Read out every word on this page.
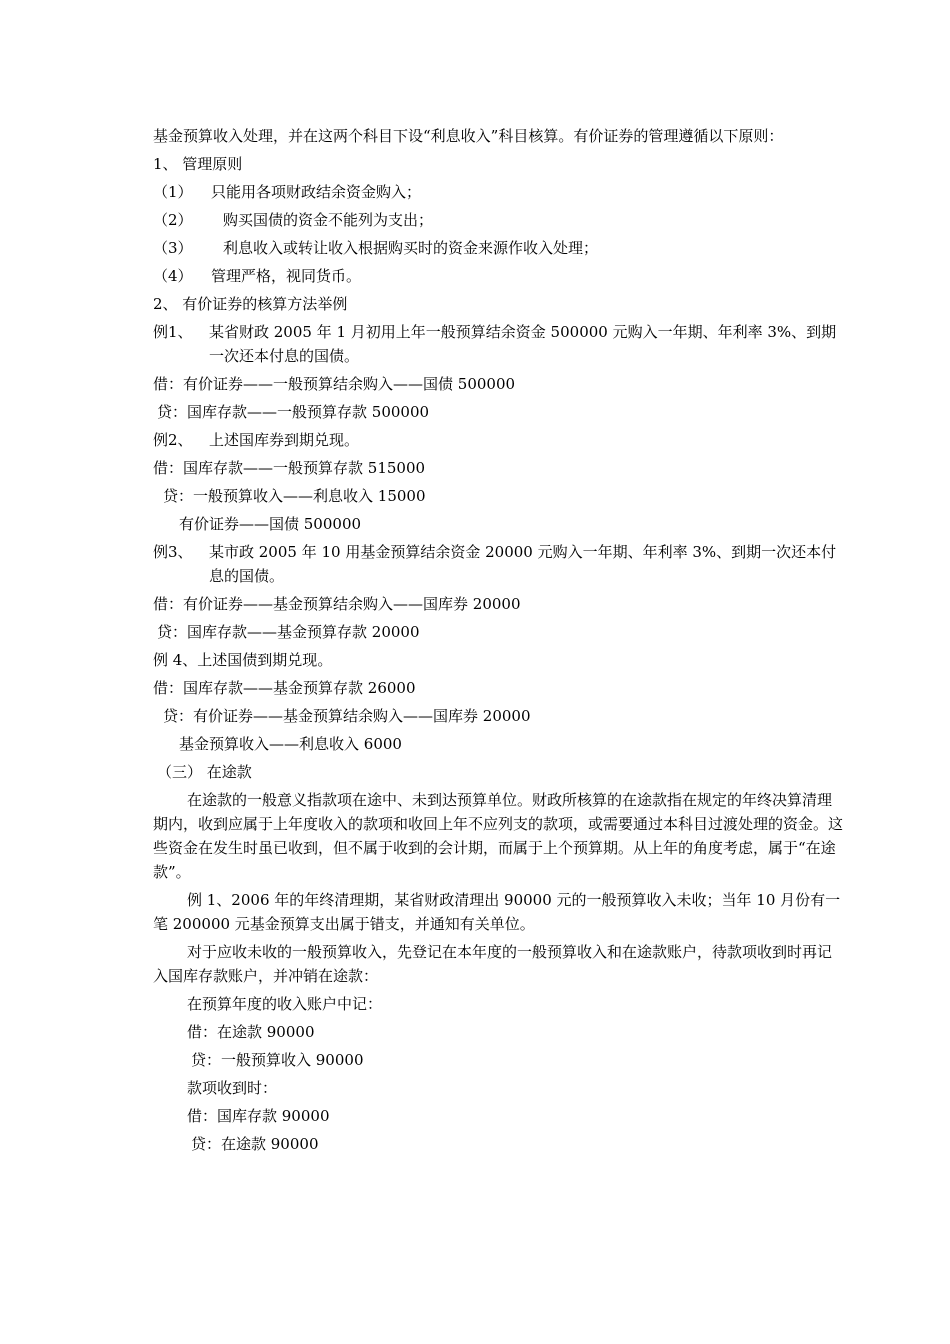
基金预算收入处理，并在这两个科目下设“利息收入”科目核算。有价证券的管理遵循以下原则：
1、 管理原则
（1）	只能用各项财政结余资金购入；
（2）	购买国债的资金不能列为支出；
（3）	利息收入或转让收入根据购买时的资金来源作收入处理；
（4）	管理严格，视同货币。
2、 有价证券的核算方法举例
例1、	某省财政 2005 年 1 月初用上年一般预算结余资金 500000 元购入一年期、年利率 3%、到期一次还本付息的国债。
借：有价证券——一般预算结余购入——国债 500000
贷：国库存款——一般预算存款 500000
例2、	上述国库券到期兑现。
借：国库存款——一般预算存款 515000
贷：一般预算收入——利息收入 15000
有价证券——国债 500000
例3、	某市政 2005 年 10 用基金预算结余资金 20000 元购入一年期、年利率 3%、到期一次还本付息的国债。
借：有价证券——基金预算结余购入——国库券 20000
贷：国库存款——基金预算存款 20000
例 4、上述国债到期兑现。
借：国库存款——基金预算存款 26000
贷：有价证券——基金预算结余购入——国库券 20000
基金预算收入——利息收入 6000
（三） 在途款
在途款的一般意义指款项在途中、未到达预算单位。财政所核算的在途款指在规定的年终决算清理期内，收到应属于上年度收入的款项和收回上年不应列支的款项，或需要通过本科目过渡处理的资金。这些资金在发生时虽已收到，但不属于收到的会计期，而属于上个预算期。从上年的角度考虑，属于“在途款”。
例 1、2006 年的年终清理期，某省财政清理出 90000 元的一般预算收入未收；当年 10 月份有一笔 200000 元基金预算支出属于错支，并通知有关单位。
对于应收未收的一般预算收入，先登记在本年度的一般预算收入和在途款账户，待款项收到时再记入国库存款账户，并冲销在途款：
在预算年度的收入账户中记：
借：在途款 90000
贷：一般预算收入 90000
款项收到时：
借：国库存款 90000
贷：在途款 90000
